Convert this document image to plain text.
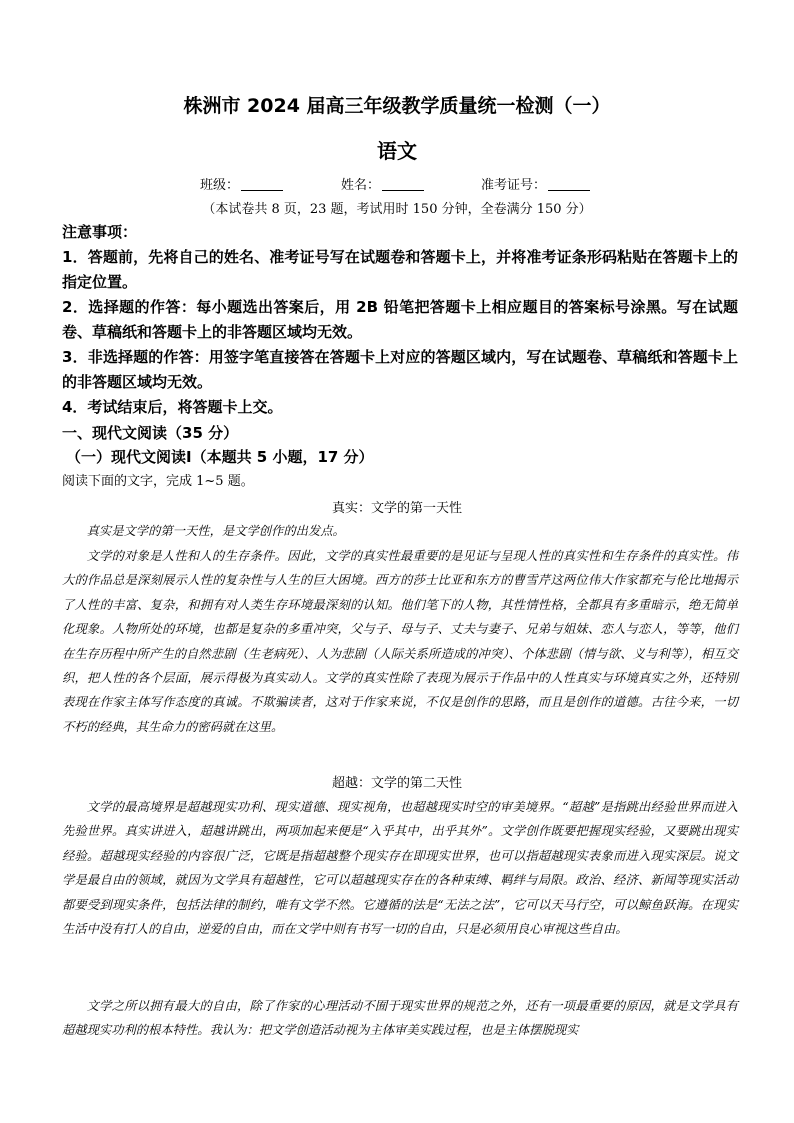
株洲市 2024 届高三年级教学质量统一检测（一）
语文
班级：	姓名：	准考证号：
（本试卷共 8 页，23 题，考试用时 150 分钟，全卷满分 150 分）

注意事项：

1．答题前，先将自己的姓名、准考证号写在试题卷和答题卡上，并将准考证条形码粘贴在答题卡上的指定位置。

2．选择题的作答：每小题选出答案后，用 2B 铅笔把答题卡上相应题目的答案标号涂黑。写在试题卷、草稿纸和答题卡上的非答题区域均无效。

3．非选择题的作答：用签字笔直接答在答题卡上对应的答题区域内，写在试题卷、草稿纸和答题卡上的非答题区域均无效。

4．考试结束后，将答题卡上交。

一、现代文阅读（35 分）
（一）现代文阅读Ⅰ（本题共 5 小题，17 分）
阅读下面的文字，完成 1~5 题。
真实：文学的第一天性

真实是文学的第一天性，是文学创作的出发点。

文学的对象是人性和人的生存条件。因此，文学的真实性最重要的是见证与呈现人性的真实性和生存条件的真实性。伟大的作品总是深刻展示人性的复杂性与人生的巨大困境。西方的莎士比亚和东方的曹雪芹这两位伟大作家都充与伦比地揭示了人性的丰富、复杂，和拥有对人类生存环境最深刻的认知。他们笔下的人物，其性情性格，全都具有多重暗示，绝无简单化现象。人物所处的环境，也都是复杂的多重冲突，父与子、母与子、丈夫与妻子、兄弟与姐妹、恋人与恋人，等等，他们在生存历程中所产生的自然悲剧（生老病死）、人为悲剧（人际关系所造成的冲突）、个体悲剧（情与欲、义与利等），相互交织，把人性的各个层面，展示得极为真实动人。文学的真实性除了表现为展示于作品中的人性真实与环境真实之外，还特别表现在作家主体写作态度的真诚。不欺骗读者，这对于作家来说，不仅是创作的思路，而且是创作的道德。古往今来，一切不朽的经典，其生命力的密码就在这里。

超越：文学的第二天性

文学的最高境界是超越现实功利、现实道德、现实视角，也超越现实时空的审美境界。“超越”是指跳出经验世界而进入先验世界。真实讲进入，超越讲跳出，两项加起来便是“入乎其中，出乎其外”。文学创作既要把握现实经验，又要跳出现实经验。超越现实经验的内容很广泛，它既是指超越整个现实存在即现实世界，也可以指超越现实表象而进入现实深层。说文学是最自由的领域，就因为文学具有超越性，它可以超越现实存在的各种束缚、羁绊与局限。政治、经济、新闻等现实活动都要受到现实条件，包括法律的制约，唯有文学不然。它遵循的法是“无法之法”，它可以天马行空，可以鲸鱼跃海。在现实生活中没有打人的自由，逆爱的自由，而在文学中则有书写一切的自由，只是必须用良心审视这些自由。

文学之所以拥有最大的自由，除了作家的心理活动不囿于现实世界的规范之外，还有一项最重要的原因，就是文学具有超越现实功利的根本特性。我认为：把文学创造活动视为主体审美实践过程，也是主体摆脱现实
